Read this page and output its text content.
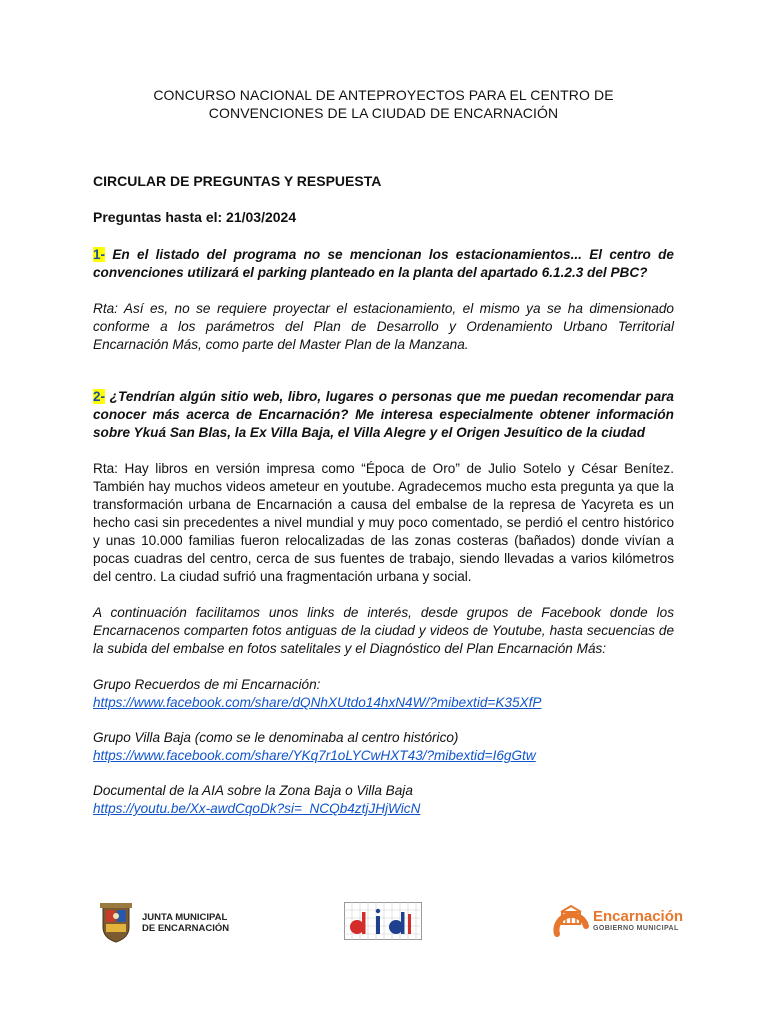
CONCURSO NACIONAL DE ANTEPROYECTOS PARA EL CENTRO DE
CONVENCIONES DE LA CIUDAD DE ENCARNACIÓN

CIRCULAR DE PREGUNTAS Y RESPUESTA

Preguntas hasta el: 21/03/2024

1- En el listado del programa no se mencionan los estacionamientos... El centro de convenciones utilizará el parking planteado en la planta del apartado 6.1.2.3 del PBC?

Rta: Así es, no se requiere proyectar el estacionamiento, el mismo ya se ha dimensionado conforme a los parámetros del Plan de Desarrollo y Ordenamiento Urbano Territorial Encarnación Más, como parte del Master Plan de la Manzana.

2- ¿Tendrían algún sitio web, libro, lugares o personas que me puedan recomendar para conocer más acerca de Encarnación? Me interesa especialmente obtener información sobre Ykuá San Blas, la Ex Villa Baja, el Villa Alegre y el Origen Jesuítico de la ciudad

Rta: Hay libros en versión impresa como “Época de Oro” de Julio Sotelo y César Benítez. También hay muchos videos ameteur en youtube. Agradecemos mucho esta pregunta ya que la transformación urbana de Encarnación a causa del embalse de la represa de Yacyreta es un hecho casi sin precedentes a nivel mundial y muy poco comentado, se perdió el centro histórico y unas 10.000 familias fueron relocalizadas de las zonas costeras (bañados) donde vivían a pocas cuadras del centro, cerca de sus fuentes de trabajo, siendo llevadas a varios kilómetros del centro. La ciudad sufrió una fragmentación urbana y social.

A continuación facilitamos unos links de interés, desde grupos de Facebook donde los Encarnacenos comparten fotos antiguas de la ciudad y videos de Youtube, hasta secuencias de la subida del embalse en fotos satelitales y el Diagnóstico del Plan Encarnación Más:

Grupo Recuerdos de mi Encarnación:
https://www.facebook.com/share/dQNhXUtdo14hxN4W/?mibextid=K35XfP
Grupo Villa Baja (como se le denominaba al centro histórico)
https://www.facebook.com/share/YKq7r1oLYCwHXT43/?mibextid=I6gGtw
Documental de la AIA sobre la Zona Baja o Villa Baja
https://youtu.be/Xx-awdCqoDk?si=_NCQb4ztjJHjWicN
JUNTA MUNICIPAL
DE ENCARNACIÓN
Encarnación
GOBIERNO MUNICIPAL
